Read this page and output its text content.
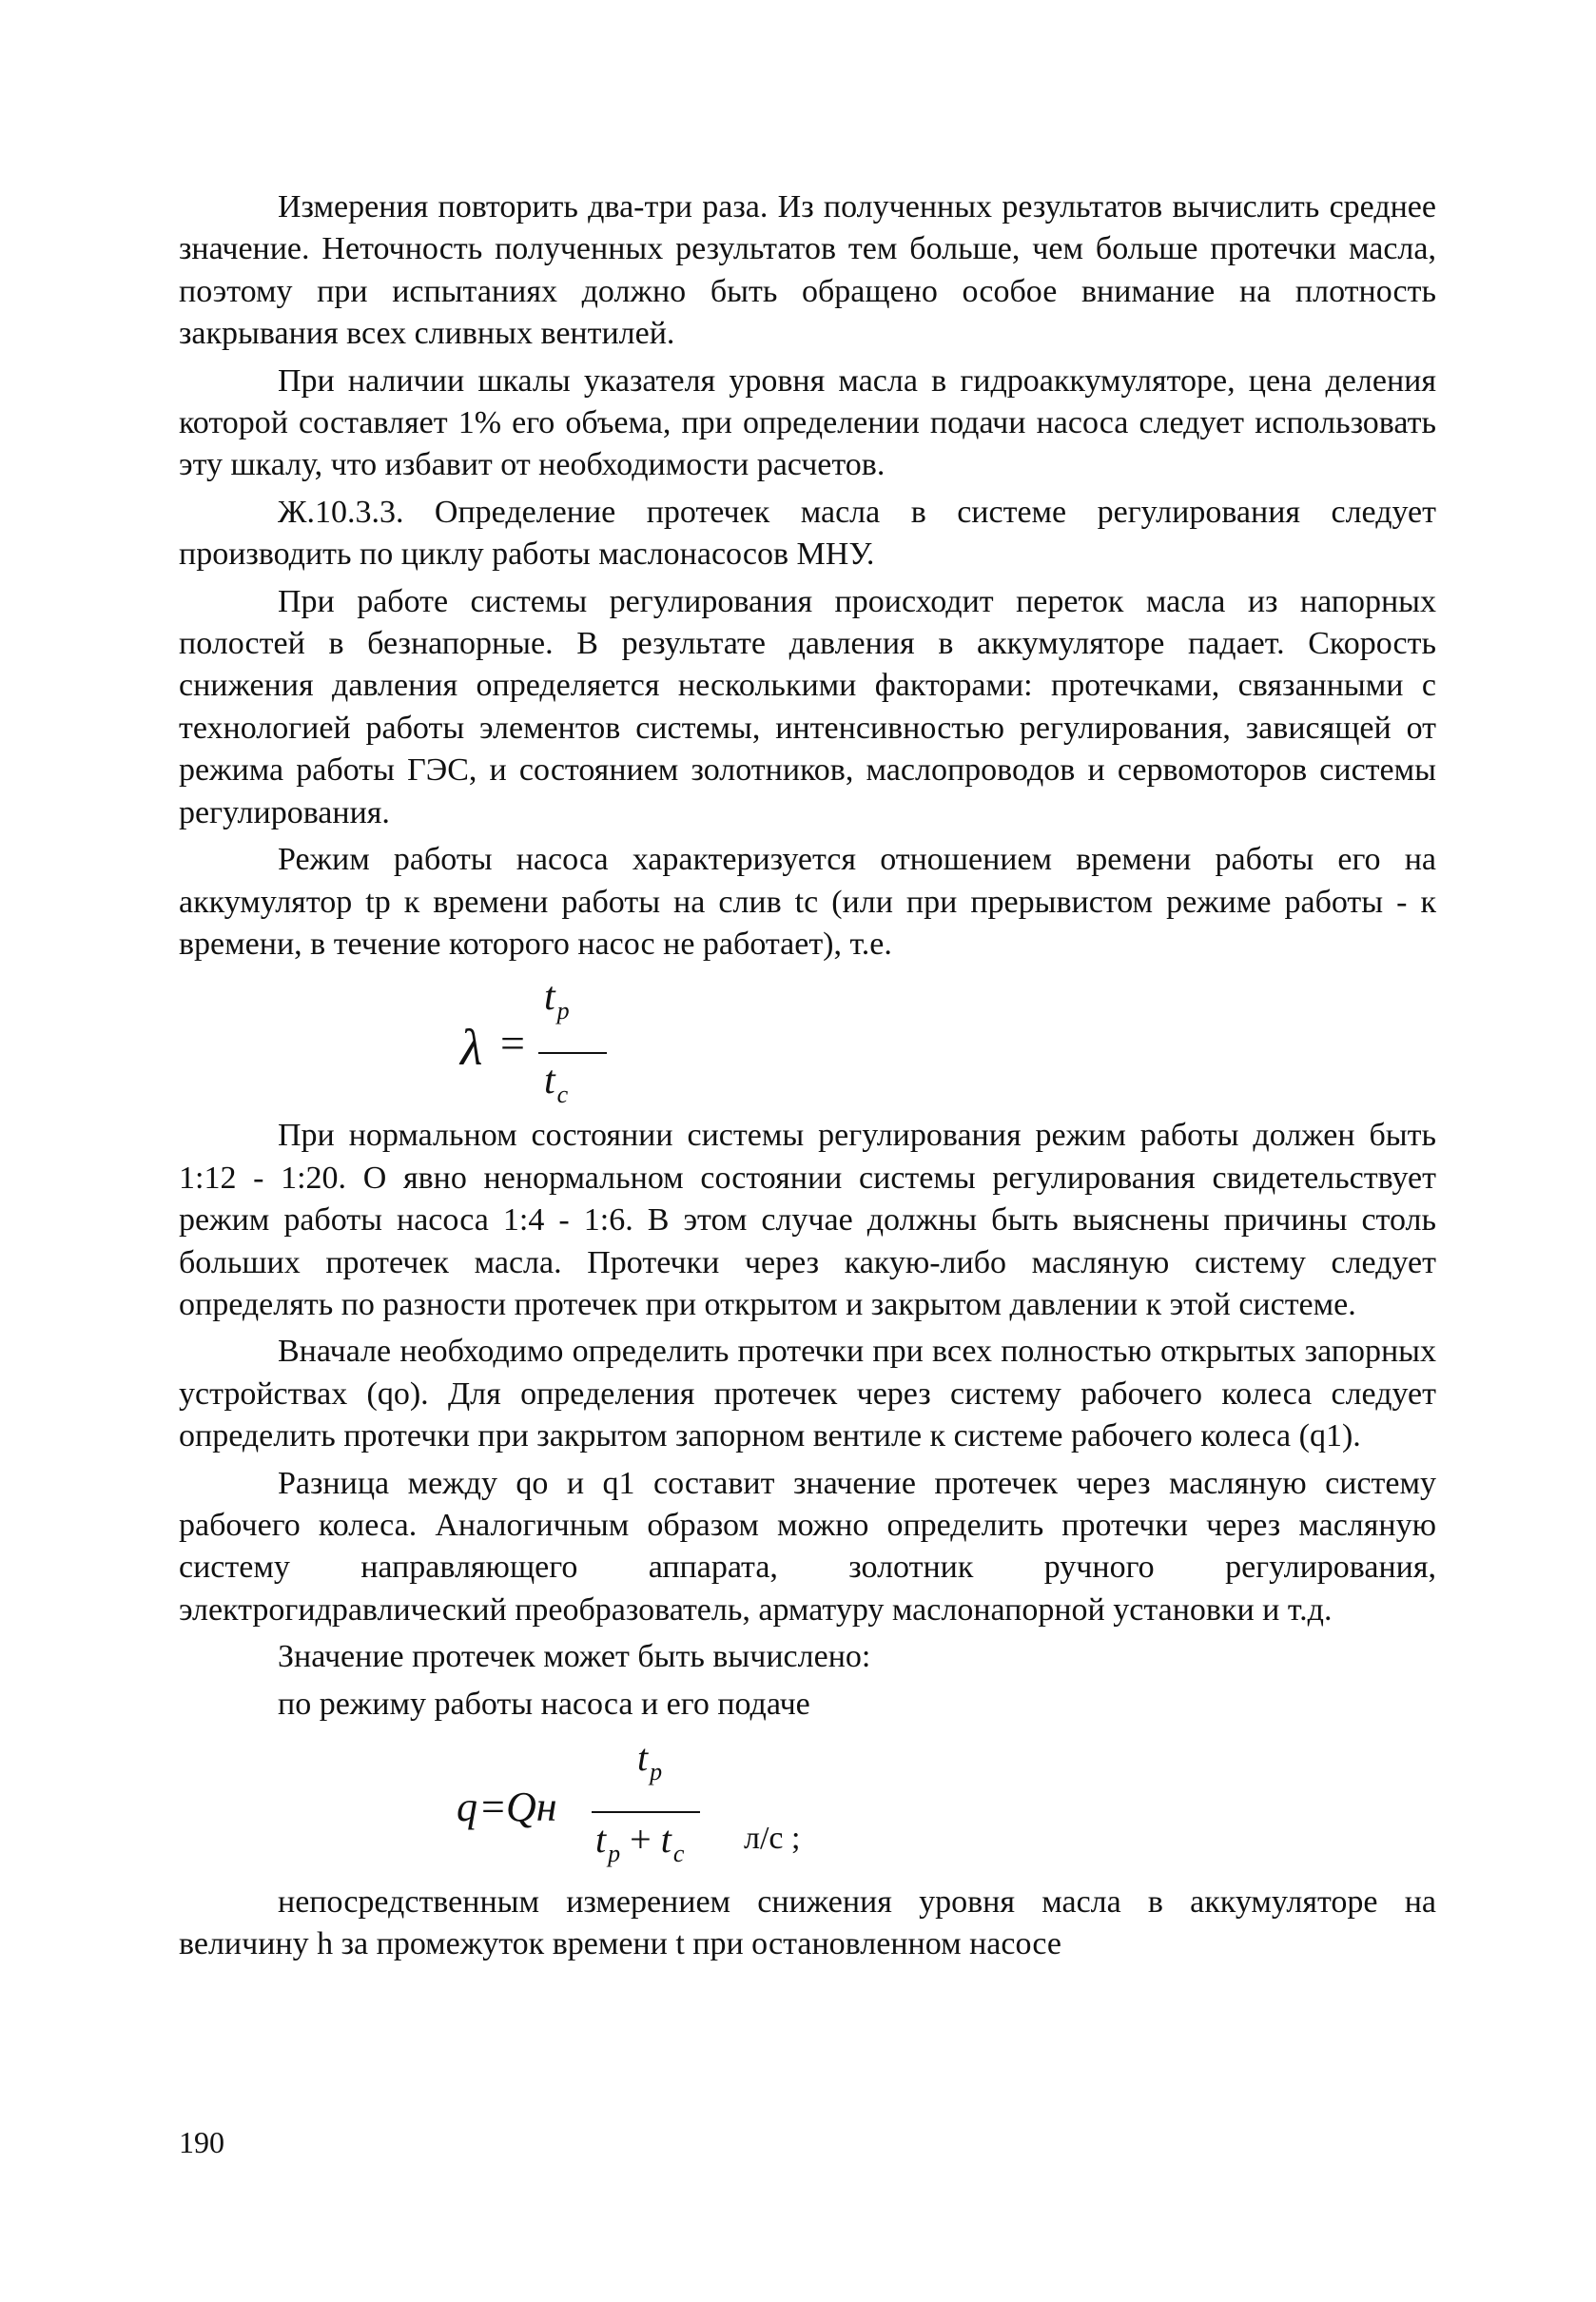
Измерения повторить два-три раза. Из полученных результатов вычислить среднее значение. Неточность полученных результатов тем больше, чем больше протечки масла, поэтому при испытаниях должно быть обращено особое внимание на плотность закрывания всех сливных вентилей.

При наличии шкалы указателя уровня масла в гидроаккумуляторе, цена деления которой составляет 1% его объема, при определении подачи насоса следует использовать эту шкалу, что избавит от необходимости расчетов.

Ж.10.3.3. Определение протечек масла в системе регулирования следует производить по циклу работы маслонасосов МНУ.

При работе системы регулирования происходит переток масла из напорных полостей в безнапорные. В результате давления в аккумуляторе падает. Скорость снижения давления определяется несколькими факторами: протечками, связанными с технологией работы элементов системы, интенсивностью регулирования, зависящей от режима работы ГЭС, и состоянием золотников, маслопроводов и сервомоторов системы регулирования.

Режим работы насоса характеризуется отношением времени работы его на аккумулятор tр к времени работы на слив tс (или при прерывистом режиме работы - к времени, в течение которого насос не работает), т.е.

λ =
$t_p$
$t_c$

При нормальном состоянии системы регулирования режим работы должен быть 1:12 - 1:20. О явно ненормальном состоянии системы регулирования свидетельствует режим работы насоса 1:4 - 1:6. В этом случае должны быть выяснены причины столь больших протечек масла. Протечки через какую-либо масляную систему следует определять по разности протечек при открытом и закрытом давлении к этой системе.

Вначале необходимо определить протечки при всех полностью открытых запорных устройствах (qо). Для определения протечек через систему рабочего колеса следует определить протечки при закрытом запорном вентиле к системе рабочего колеса (q1).

Разница между qо и q1 составит значение протечек через масляную систему рабочего колеса. Аналогичным образом можно определить протечки через масляную систему направляющего аппарата, золотник ручного регулирования, электрогидравлический преобразователь, арматуру маслонапорной установки и т.д.

Значение протечек может быть вычислено:

по режиму работы насоса и его подаче

q = Qн
$t_p$
$t_p + t_c$ л/с ;

непосредственным измерением снижения уровня масла в аккумуляторе на величину h за промежуток времени t при остановленном насосе

190
